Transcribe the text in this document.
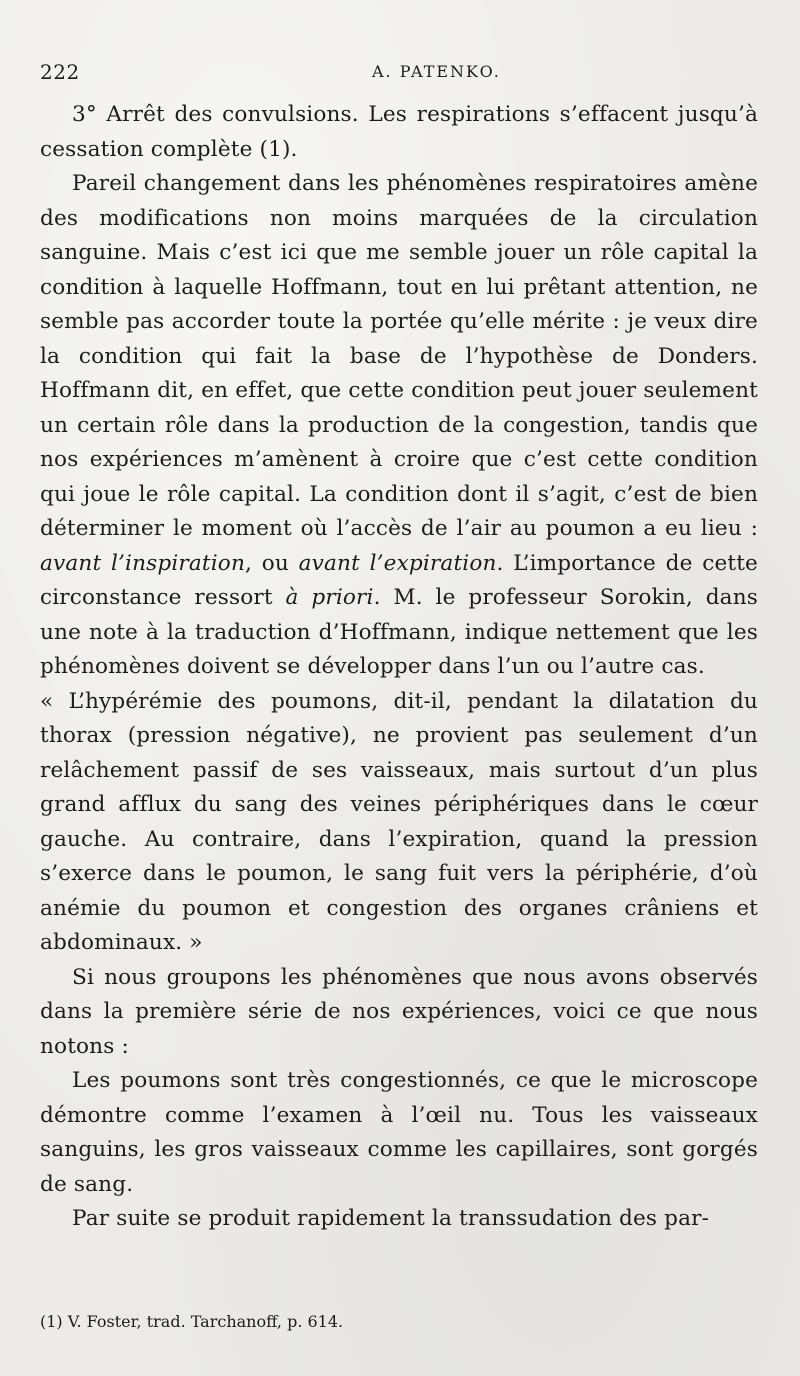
222	A. PATENKO.

3° Arrêt des convulsions. Les respirations s’effacent jusqu’à cessation complète (1).

Pareil changement dans les phénomènes respiratoires amène des modifications non moins marquées de la circulation sanguine. Mais c’est ici que me semble jouer un rôle capital la condition à laquelle Hoffmann, tout en lui prêtant attention, ne semble pas accorder toute la portée qu’elle mérite : je veux dire la condition qui fait la base de l’hypothèse de Donders. Hoffmann dit, en effet, que cette condition peut jouer seulement un certain rôle dans la production de la congestion, tandis que nos expériences m’amènent à croire que c’est cette condition qui joue le rôle capital. La condition dont il s’agit, c’est de bien déterminer le moment où l’accès de l’air au poumon a eu lieu : avant l’inspiration, ou avant l’expiration. L’importance de cette circonstance ressort à priori. M. le professeur Sorokin, dans une note à la traduction d’Hoffmann, indique nettement que les phénomènes doivent se développer dans l’un ou l’autre cas.

« L’hypérémie des poumons, dit-il, pendant la dilatation du thorax (pression négative), ne provient pas seulement d’un relâchement passif de ses vaisseaux, mais surtout d’un plus grand afflux du sang des veines périphériques dans le cœur gauche. Au contraire, dans l’expiration, quand la pression s’exerce dans le poumon, le sang fuit vers la périphérie, d’où anémie du poumon et congestion des organes crâniens et abdominaux. »

Si nous groupons les phénomènes que nous avons observés dans la première série de nos expériences, voici ce que nous notons :

Les poumons sont très congestionnés, ce que le microscope démontre comme l’examen à l’œil nu. Tous les vaisseaux sanguins, les gros vaisseaux comme les capillaires, sont gorgés de sang.

Par suite se produit rapidement la transsudation des par-

(1) V. Foster, trad. Tarchanoff, p. 614.
